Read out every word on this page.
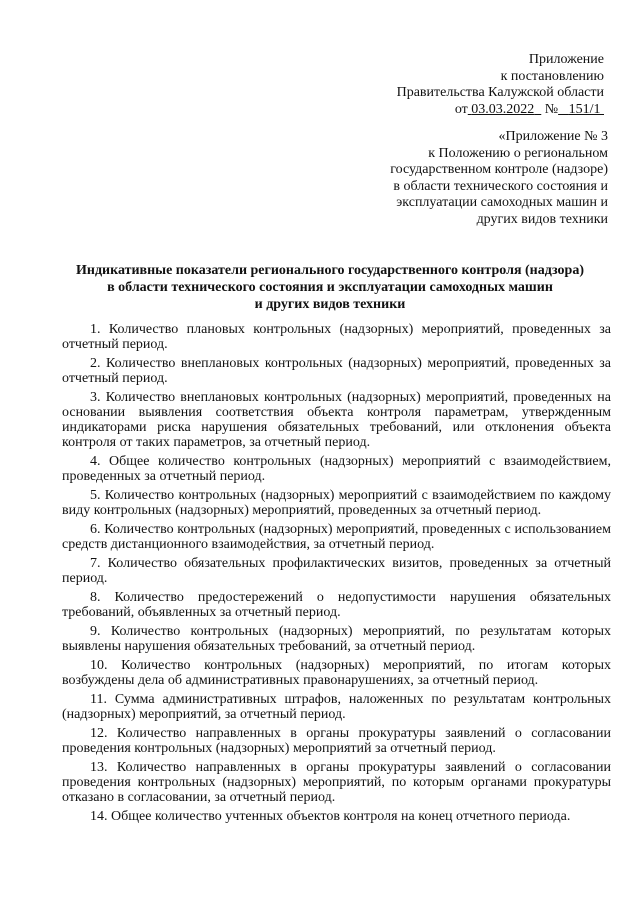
Приложение
к постановлению
Правительства Калужской области
от 03.03.2022 № 151/1
«Приложение № 3
к Положению о региональном
государственном контроле (надзоре)
в области технического состояния и
эксплуатации самоходных машин и
других видов техники
Индикативные показатели регионального государственного контроля (надзора)
в области технического состояния и эксплуатации самоходных машин
и других видов техники

1. Количество плановых контрольных (надзорных) мероприятий, проведенных за отчетный период.

2. Количество внеплановых контрольных (надзорных) мероприятий, проведенных за отчетный период.

3. Количество внеплановых контрольных (надзорных) мероприятий, проведенных на основании выявления соответствия объекта контроля параметрам, утвержденным индикаторами риска нарушения обязательных требований, или отклонения объекта контроля от таких параметров, за отчетный период.

4. Общее количество контрольных (надзорных) мероприятий с взаимодействием, проведенных за отчетный период.

5. Количество контрольных (надзорных) мероприятий с взаимодействием по каждому виду контрольных (надзорных) мероприятий, проведенных за отчетный период.

6. Количество контрольных (надзорных) мероприятий, проведенных с использованием средств дистанционного взаимодействия, за отчетный период.

7. Количество обязательных профилактических визитов, проведенных за отчетный период.

8. Количество предостережений о недопустимости нарушения обязательных требований, объявленных за отчетный период.

9. Количество контрольных (надзорных) мероприятий, по результатам которых выявлены нарушения обязательных требований, за отчетный период.

10. Количество контрольных (надзорных) мероприятий, по итогам которых возбуждены дела об административных правонарушениях, за отчетный период.

11. Сумма административных штрафов, наложенных по результатам контрольных (надзорных) мероприятий, за отчетный период.

12. Количество направленных в органы прокуратуры заявлений о согласовании проведения контрольных (надзорных) мероприятий за отчетный период.

13. Количество направленных в органы прокуратуры заявлений о согласовании проведения контрольных (надзорных) мероприятий, по которым органами прокуратуры отказано в согласовании, за отчетный период.

14. Общее количество учтенных объектов контроля на конец отчетного периода.
